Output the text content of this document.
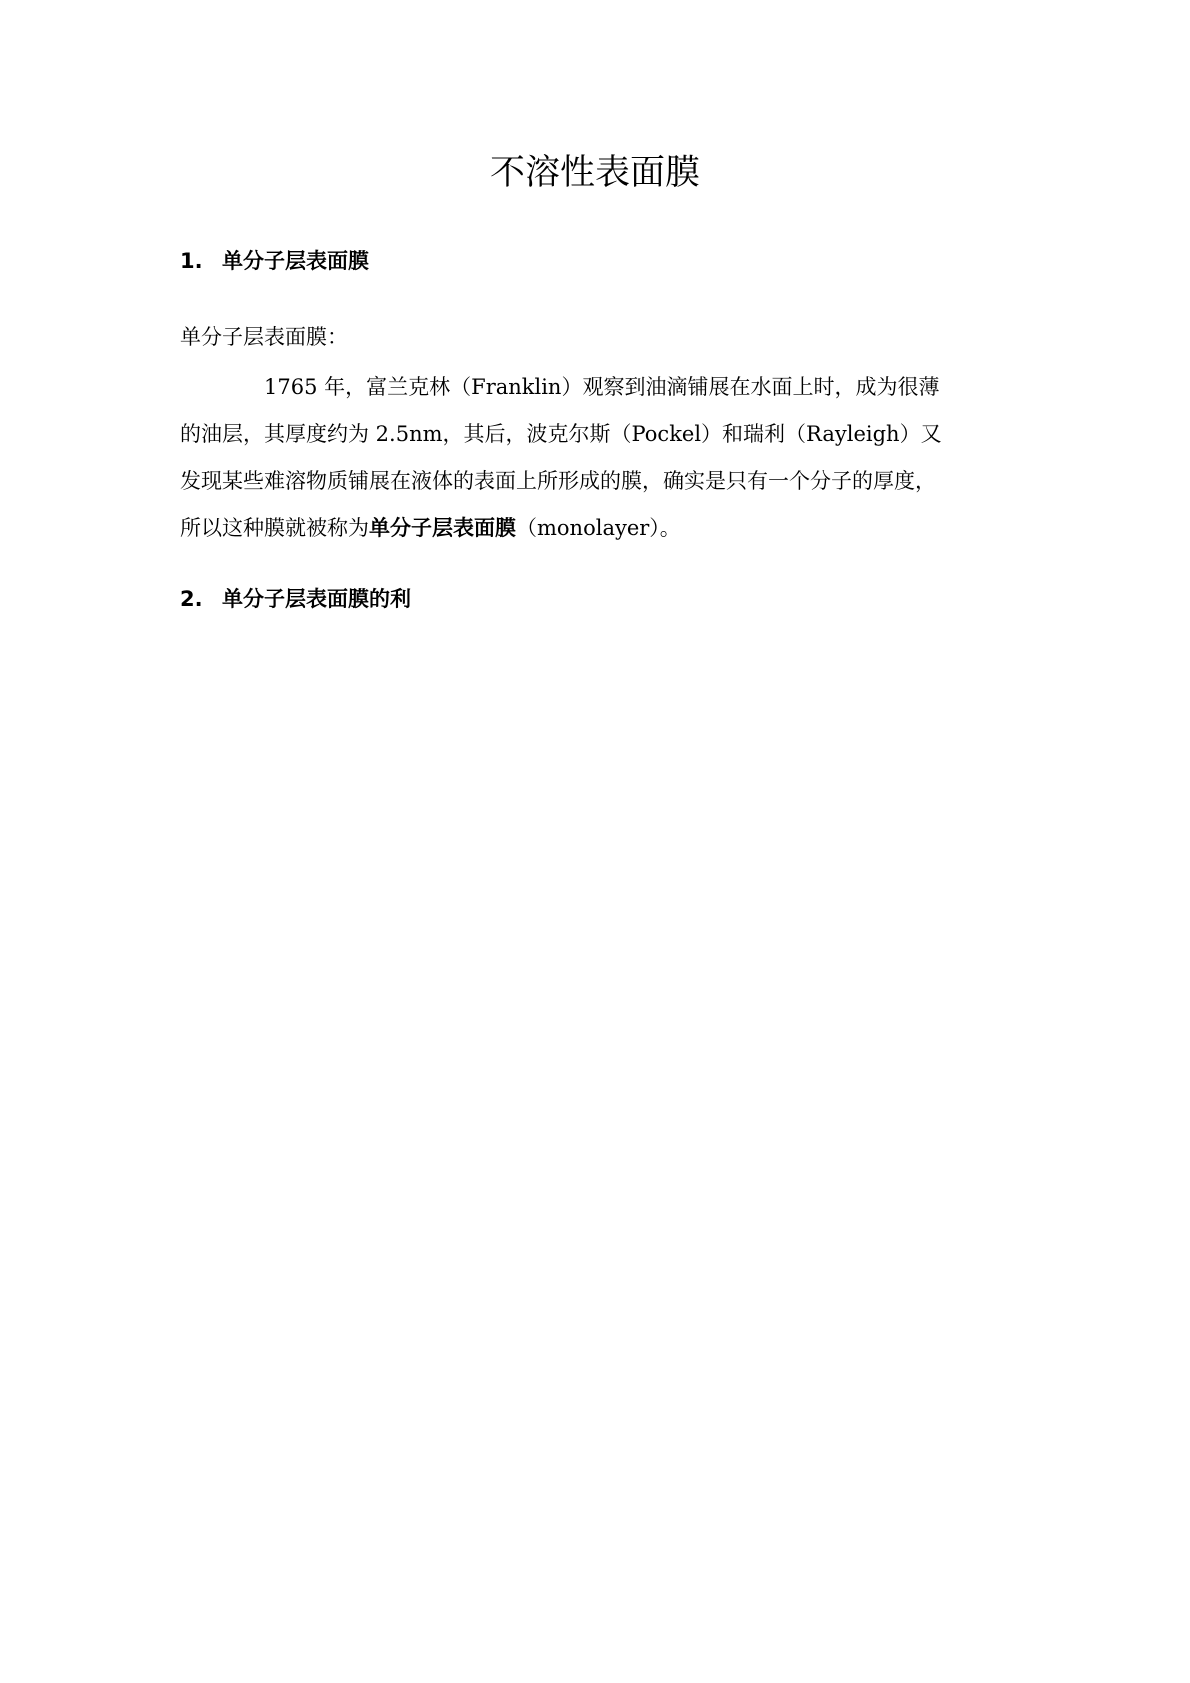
不溶性表面膜
1. 单分子层表面膜

单分子层表面膜：

1765 年，富兰克林（Franklin）观察到油滴铺展在水面上时，成为很薄
的油层，其厚度约为 2.5nm，其后，波克尔斯（Pockel）和瑞利（Rayleigh）又
发现某些难溶物质铺展在液体的表面上所形成的膜，确实是只有一个分子的厚度，
所以这种膜就被称为单分子层表面膜（monolayer）。

2. 单分子层表面膜的利
